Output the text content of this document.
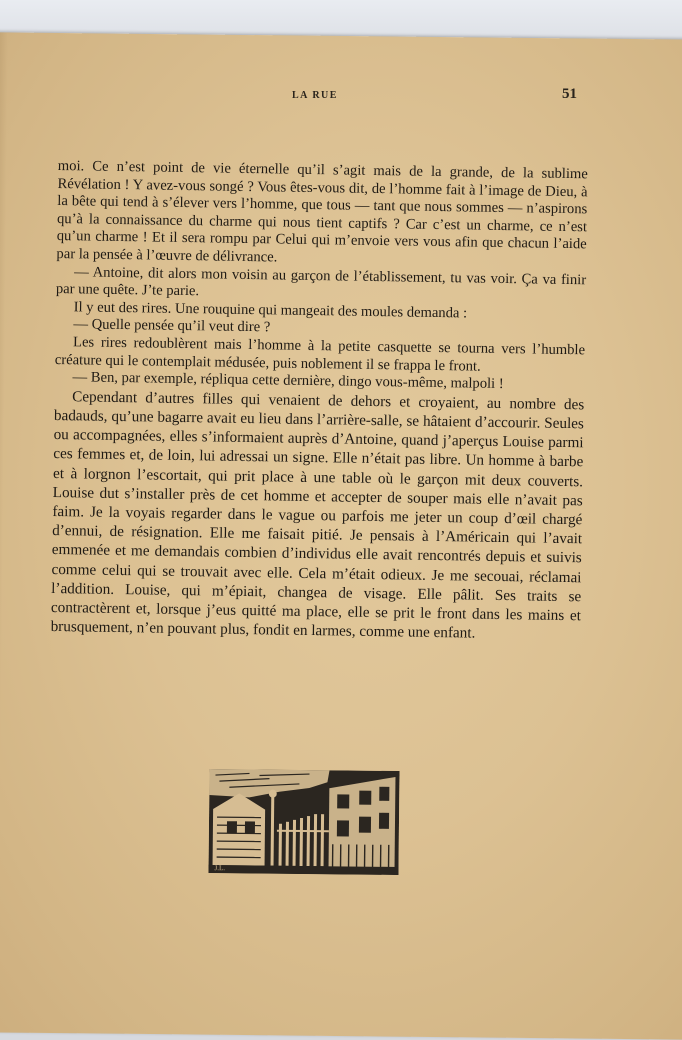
LA RUE	51

moi. Ce n’est point de vie éternelle qu’il s’agit mais de la grande, de la sublime Révélation ! Y avez-vous songé ? Vous êtes-vous dit, de l’homme fait à l’image de Dieu, à la bête qui tend à s’élever vers l’homme, que tous — tant que nous sommes — n’aspirons qu’à la connaissance du charme qui nous tient captifs ? Car c’est un charme, ce n’est qu’un charme ! Et il sera rompu par Celui qui m’envoie vers vous afin que chacun l’aide par la pensée à l’œuvre de délivrance.

— Antoine, dit alors mon voisin au garçon de l’établissement, tu vas voir. Ça va finir par une quête. J’te parie.

Il y eut des rires. Une rouquine qui mangeait des moules demanda :

— Quelle pensée qu’il veut dire ?

Les rires redoublèrent mais l’homme à la petite casquette se tourna vers l’humble créature qui le contemplait médusée, puis noblement il se frappa le front.

— Ben, par exemple, répliqua cette dernière, dingo vous-même, malpoli !

Cependant d’autres filles qui venaient de dehors et croyaient, au nombre des badauds, qu’une bagarre avait eu lieu dans l’arrière-salle, se hâtaient d’accourir. Seules ou accompagnées, elles s’informaient auprès d’Antoine, quand j’aperçus Louise parmi ces femmes et, de loin, lui adressai un signe. Elle n’était pas libre. Un homme à barbe et à lorgnon l’escortait, qui prit place à une table où le garçon mit deux couverts. Louise dut s’installer près de cet homme et accepter de souper mais elle n’avait pas faim. Je la voyais regarder dans le vague ou parfois me jeter un coup d’œil chargé d’ennui, de résignation. Elle me faisait pitié. Je pensais à l’Américain qui l’avait emmenée et me demandais combien d’individus elle avait rencontrés depuis et suivis comme celui qui se trouvait avec elle. Cela m’était odieux. Je me secouai, réclamai l’addition. Louise, qui m’épiait, changea de visage. Elle pâlit. Ses traits se contractèrent et, lorsque j’eus quitté ma place, elle se prit le front dans les mains et brusquement, n’en pouvant plus, fondit en larmes, comme une enfant.

J.L.
